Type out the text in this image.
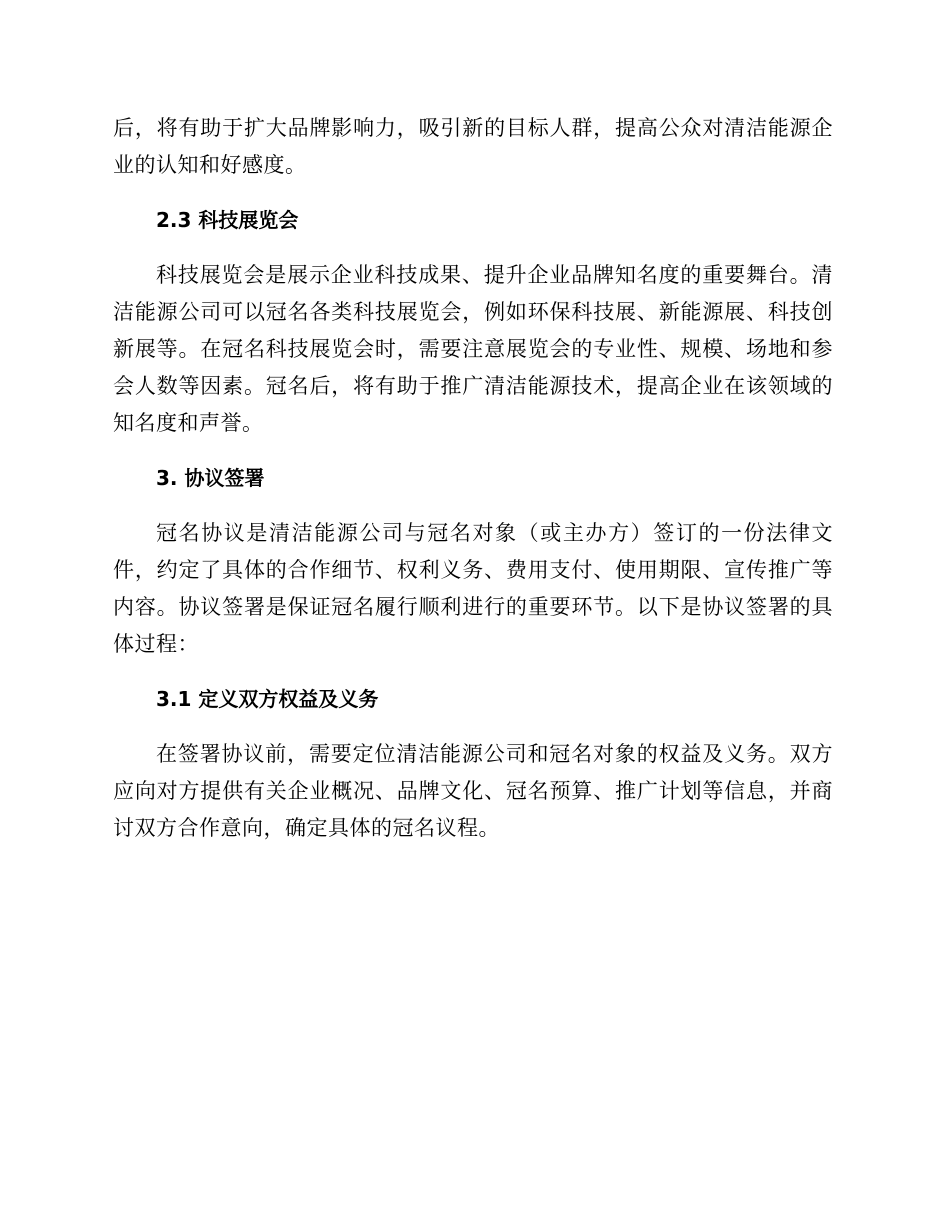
后，将有助于扩大品牌影响力，吸引新的目标人群，提高公众对清洁能源企业的认知和好感度。

2.3 科技展览会

科技展览会是展示企业科技成果、提升企业品牌知名度的重要舞台。清洁能源公司可以冠名各类科技展览会，例如环保科技展、新能源展、科技创新展等。在冠名科技展览会时，需要注意展览会的专业性、规模、场地和参会人数等因素。冠名后，将有助于推广清洁能源技术，提高企业在该领域的知名度和声誉。

3. 协议签署

冠名协议是清洁能源公司与冠名对象（或主办方）签订的一份法律文件，约定了具体的合作细节、权利义务、费用支付、使用期限、宣传推广等内容。协议签署是保证冠名履行顺利进行的重要环节。以下是协议签署的具体过程：

3.1 定义双方权益及义务

在签署协议前，需要定位清洁能源公司和冠名对象的权益及义务。双方应向对方提供有关企业概况、品牌文化、冠名预算、推广计划等信息，并商讨双方合作意向，确定具体的冠名议程。
